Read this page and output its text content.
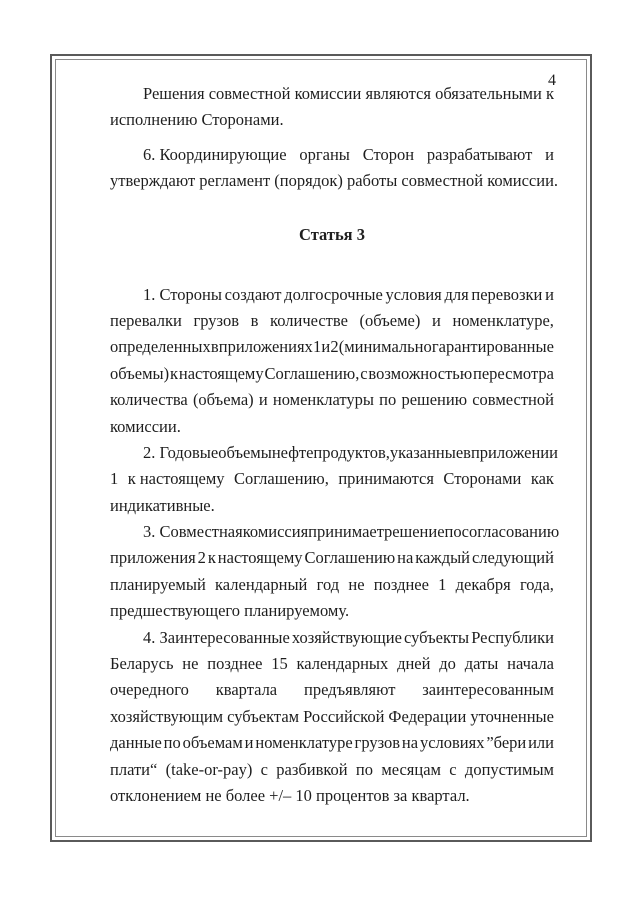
4
Решения совместной комиссии являются обязательными к
исполнению Сторонами.
6. Координирующие органы Сторон разрабатывают и
утверждают регламент (порядок) работы совместной комиссии.
Статья 3
1. Стороны создают долгосрочные условия для перевозки и
перевалки грузов в количестве (объеме) и номенклатуре,
определенных в приложениях 1 и 2 (минимально гарантированные
объемы) к настоящему Соглашению, с возможностью пересмотра
количества (объема) и номенклатуры по решению совместной
комиссии.
2. Годовые объемы нефтепродуктов, указанные в приложении
1 к настоящему Соглашению, принимаются Сторонами как
индикативные.
3. Совместная комиссия принимает решение по согласованию
приложения 2 к настоящему Соглашению на каждый следующий
планируемый календарный год не позднее 1 декабря года,
предшествующего планируемому.
4. Заинтересованные хозяйствующие субъекты Республики
Беларусь не позднее 15 календарных дней до даты начала
очередного квартала предъявляют заинтересованным
хозяйствующим субъектам Российской Федерации уточненные
данные по объемам и номенклатуре грузов на условиях ”бери или
плати“ (take-or-pay) с разбивкой по месяцам с допустимым
отклонением не более +/– 10 процентов за квартал.
